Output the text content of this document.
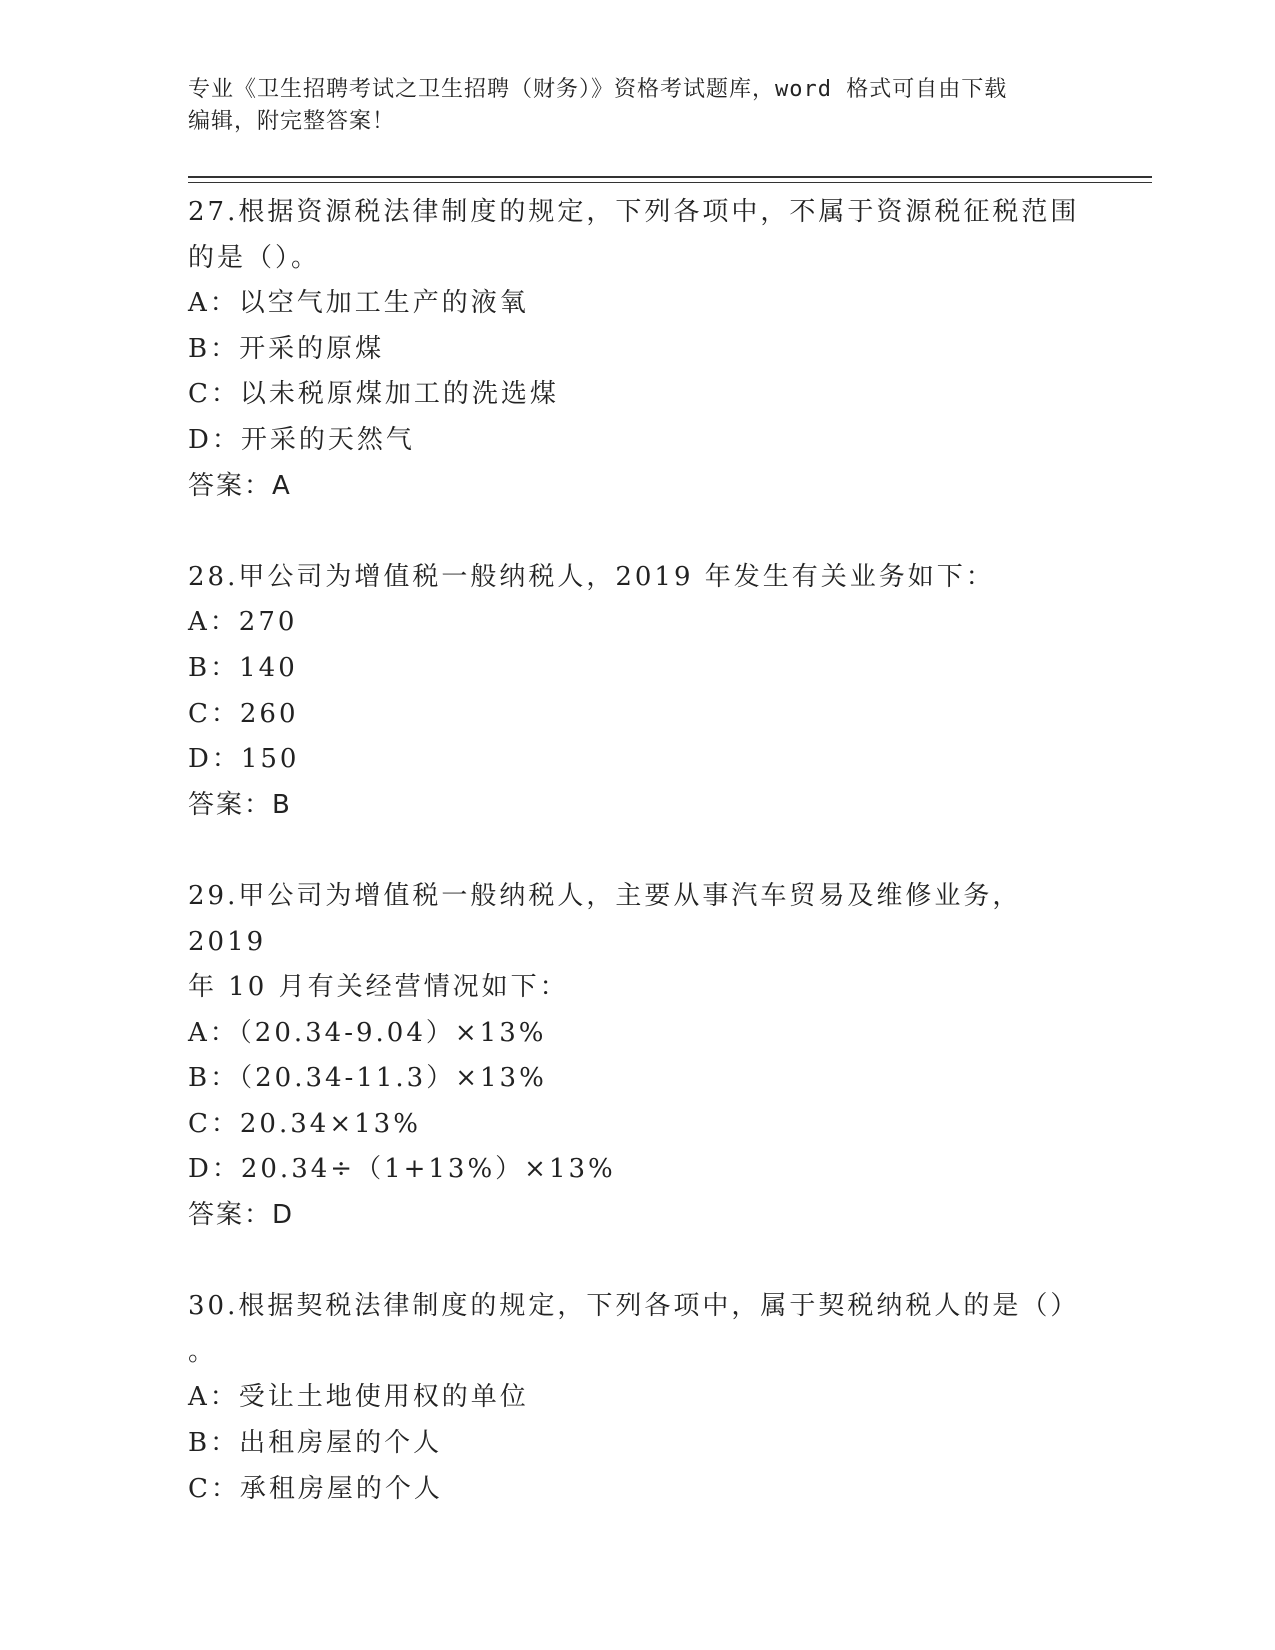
专业《卫生招聘考试之卫生招聘（财务）》资格考试题库，word 格式可自由下载
编辑，附完整答案！

27.根据资源税法律制度的规定，下列各项中，不属于资源税征税范围

的是（）。

A：以空气加工生产的液氧

B：开采的原煤

C：以未税原煤加工的洗选煤

D：开采的天然气

答案：A

28.甲公司为增值税一般纳税人，2019 年发生有关业务如下：

A：270

B：140

C：260

D：150

答案：B

29.甲公司为增值税一般纳税人，主要从事汽车贸易及维修业务，2019

年 10 月有关经营情况如下：

A：（20.34-9.04）×13%

B：（20.34-11.3）×13%

C：20.34×13%

D：20.34÷（1+13%）×13%

答案：D

30.根据契税法律制度的规定，下列各项中，属于契税纳税人的是（）

。

A：受让土地使用权的单位

B：出租房屋的个人

C：承租房屋的个人
